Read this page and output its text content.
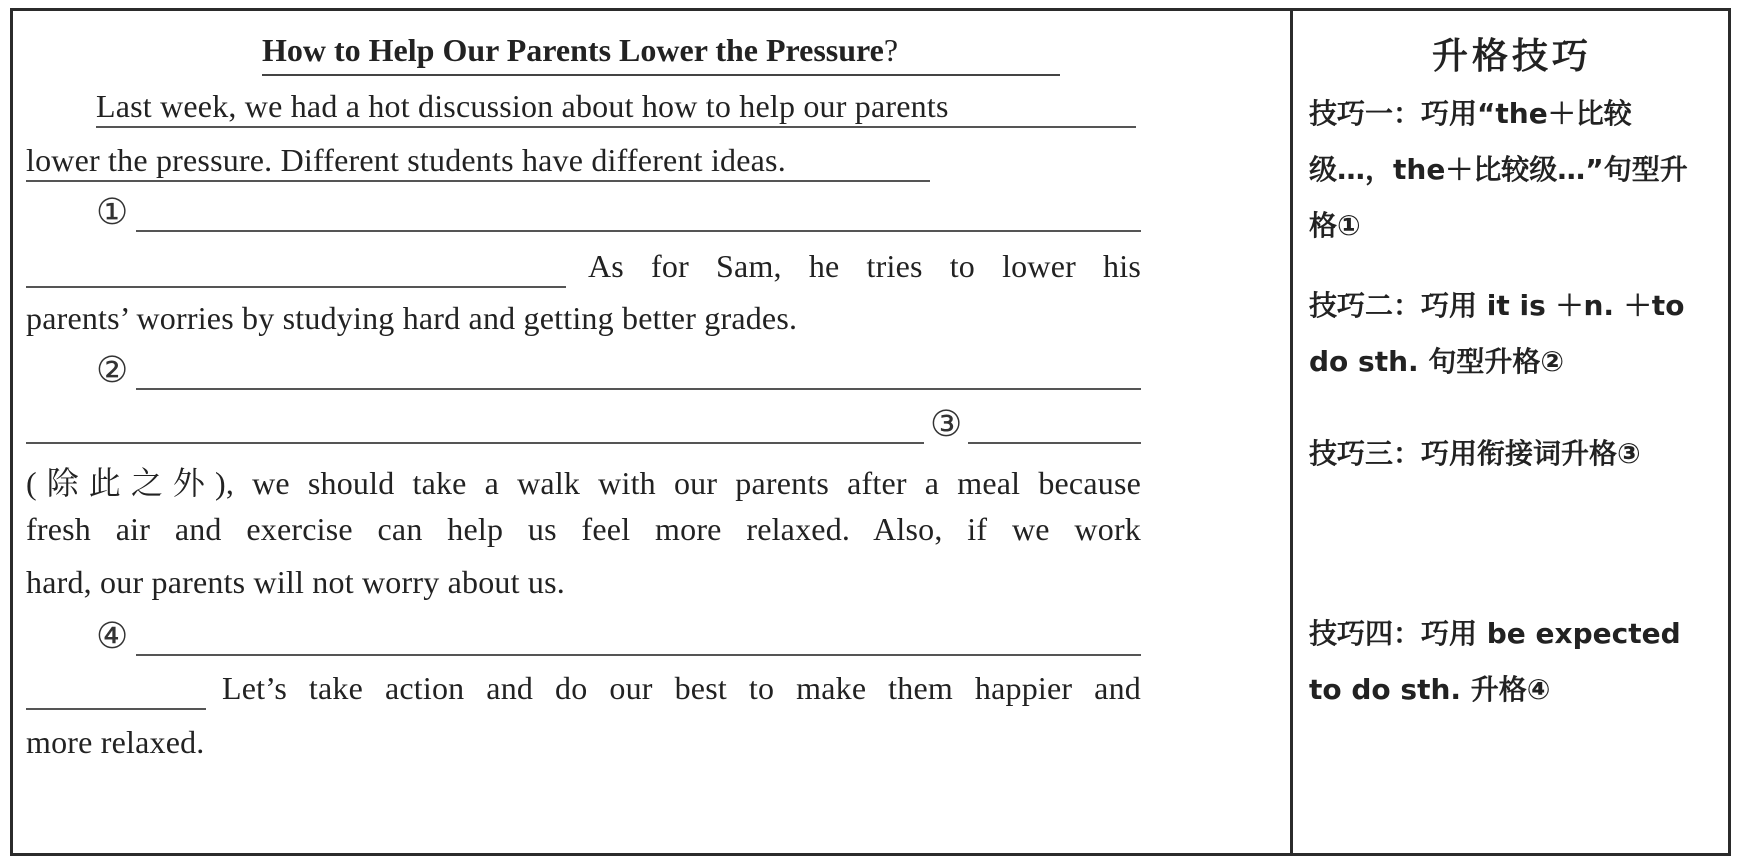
How to Help Our Parents Lower the Pressure?
Last week, we had a hot discussion about how to help our parents
lower the pressure. Different students have different ideas.
①
As for Sam, he tries to lower his
parents’ worries by studying hard and getting better grades.
②
③
(除此之外), we should take a walk with our parents after a meal because
fresh air and exercise can help us feel more relaxed. Also, if we work
hard, our parents will not worry about us.
④
Let’s take action and do our best to make them happier and
more relaxed.
升格技巧
技巧一：巧用“the＋比较级…，the＋比较级…”句型升格①
技巧二：巧用 it is ＋n. ＋to do sth. 句型升格②
技巧三：巧用衔接词升格③
技巧四：巧用 be expected to do sth. 升格④
